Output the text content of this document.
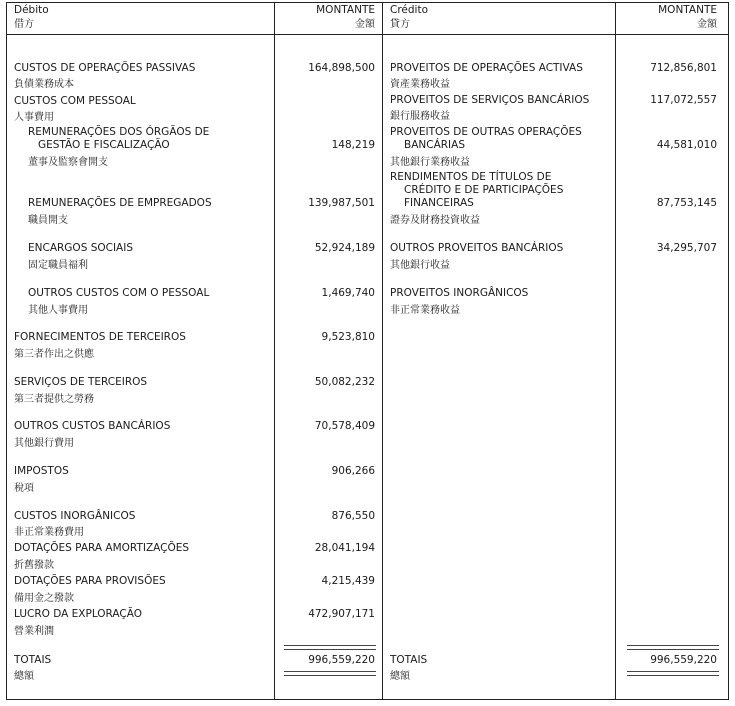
Débito
借方
MONTANTE
金額
Crédito
貸方
MONTANTE
金額
CUSTOS DE OPERAÇÕES PASSIVAS
負債業務成本
164,898,500
CUSTOS COM PESSOAL
人事費用
REMUNERAÇÕES DOS ÓRGÃOS DE
GESTÃO E FISCALIZAÇÃO
董事及監察會開支
148,219
REMUNERAÇÕES DE EMPREGADOS
職員開支
139,987,501
ENCARGOS SOCIAIS
固定職員福利
52,924,189
OUTROS CUSTOS COM O PESSOAL
其他人事費用
1,469,740
FORNECIMENTOS DE TERCEIROS
第三者作出之供應
9,523,810
SERVIÇOS DE TERCEIROS
第三者提供之勞務
50,082,232
OUTROS CUSTOS BANCÁRIOS
其他銀行費用
70,578,409
IMPOSTOS
稅項
906,266
CUSTOS INORGÂNICOS
非正常業務費用
876,550
DOTAÇÕES PARA AMORTIZAÇÕES
折舊撥款
28,041,194
DOTAÇÕES PARA PROVISÕES
備用金之撥款
4,215,439
LUCRO DA EXPLORAÇÃO
營業利潤
472,907,171
TOTAIS
總額
996,559,220
PROVEITOS DE OPERAÇÕES ACTIVAS
資產業務收益
712,856,801
PROVEITOS DE SERVIÇOS BANCÁRIOS
銀行服務收益
117,072,557
PROVEITOS DE OUTRAS OPERAÇÕES
BANCÁRIAS
其他銀行業務收益
44,581,010
RENDIMENTOS DE TÍTULOS DE
CRÉDITO E DE PARTICIPAÇÕES
FINANCEIRAS
證券及財務投資收益
87,753,145
OUTROS PROVEITOS BANCÁRIOS
其他銀行收益
34,295,707
PROVEITOS INORGÂNICOS
非正常業務收益
TOTAIS
總額
996,559,220
